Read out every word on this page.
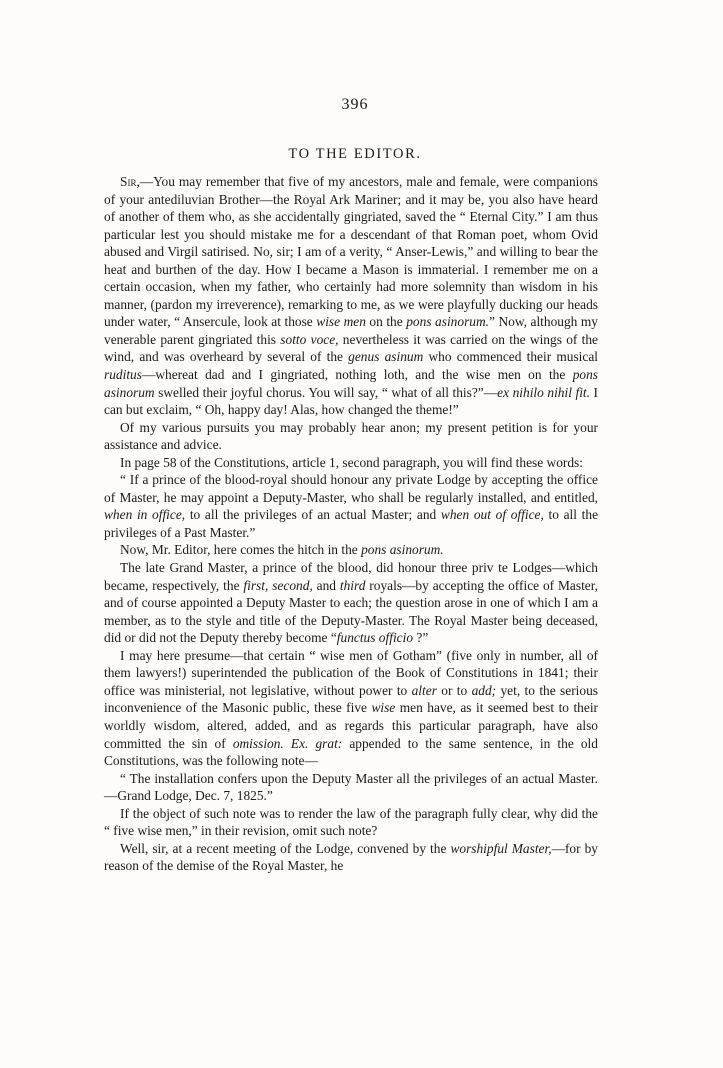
396
TO THE EDITOR.

Sir,—You may remember that five of my ancestors, male and female, were companions of your antediluvian Brother—the Royal Ark Mariner; and it may be, you also have heard of another of them who, as she accidentally gingriated, saved the “ Eternal City.” I am thus particular lest you should mistake me for a descendant of that Roman poet, whom Ovid abused and Virgil satirised. No, sir; I am of a verity, “ Anser-Lewis,” and willing to bear the heat and burthen of the day. How I became a Mason is immaterial. I remember me on a certain occasion, when my father, who certainly had more solemnity than wisdom in his manner, (pardon my irreverence), remarking to me, as we were playfully ducking our heads under water, “ Ansercule, look at those wise men on the pons asinorum.” Now, although my venerable parent gingriated this sotto voce, nevertheless it was carried on the wings of the wind, and was overheard by several of the genus asinum who commenced their musical ruditus—whereat dad and I gingriated, nothing loth, and the wise men on the pons asinorum swelled their joyful chorus. You will say, “ what of all this?”—ex nihilo nihil fit. I can but exclaim, “ Oh, happy day! Alas, how changed the theme!”

Of my various pursuits you may probably hear anon; my present petition is for your assistance and advice.

In page 58 of the Constitutions, article 1, second paragraph, you will find these words:

“ If a prince of the blood-royal should honour any private Lodge by accepting the office of Master, he may appoint a Deputy-Master, who shall be regularly installed, and entitled, when in office, to all the privileges of an actual Master; and when out of office, to all the privileges of a Past Master.”

Now, Mr. Editor, here comes the hitch in the pons asinorum.

The late Grand Master, a prince of the blood, did honour three priv te Lodges—which became, respectively, the first, second, and third royals—by accepting the office of Master, and of course appointed a Deputy Master to each; the question arose in one of which I am a member, as to the style and title of the Deputy-Master. The Royal Master being deceased, did or did not the Deputy thereby become “functus officio ?”

I may here presume—that certain “ wise men of Gotham” (five only in number, all of them lawyers!) superintended the publication of the Book of Constitutions in 1841; their office was ministerial, not legislative, without power to alter or to add; yet, to the serious inconvenience of the Masonic public, these five wise men have, as it seemed best to their worldly wisdom, altered, added, and as regards this particular paragraph, have also committed the sin of omission. Ex. grat: appended to the same sentence, in the old Constitutions, was the following note—

“ The installation confers upon the Deputy Master all the privileges of an actual Master.—Grand Lodge, Dec. 7, 1825.”

If the object of such note was to render the law of the paragraph fully clear, why did the “ five wise men,” in their revision, omit such note?

Well, sir, at a recent meeting of the Lodge, convened by the worshipful Master,—for by reason of the demise of the Royal Master, he
